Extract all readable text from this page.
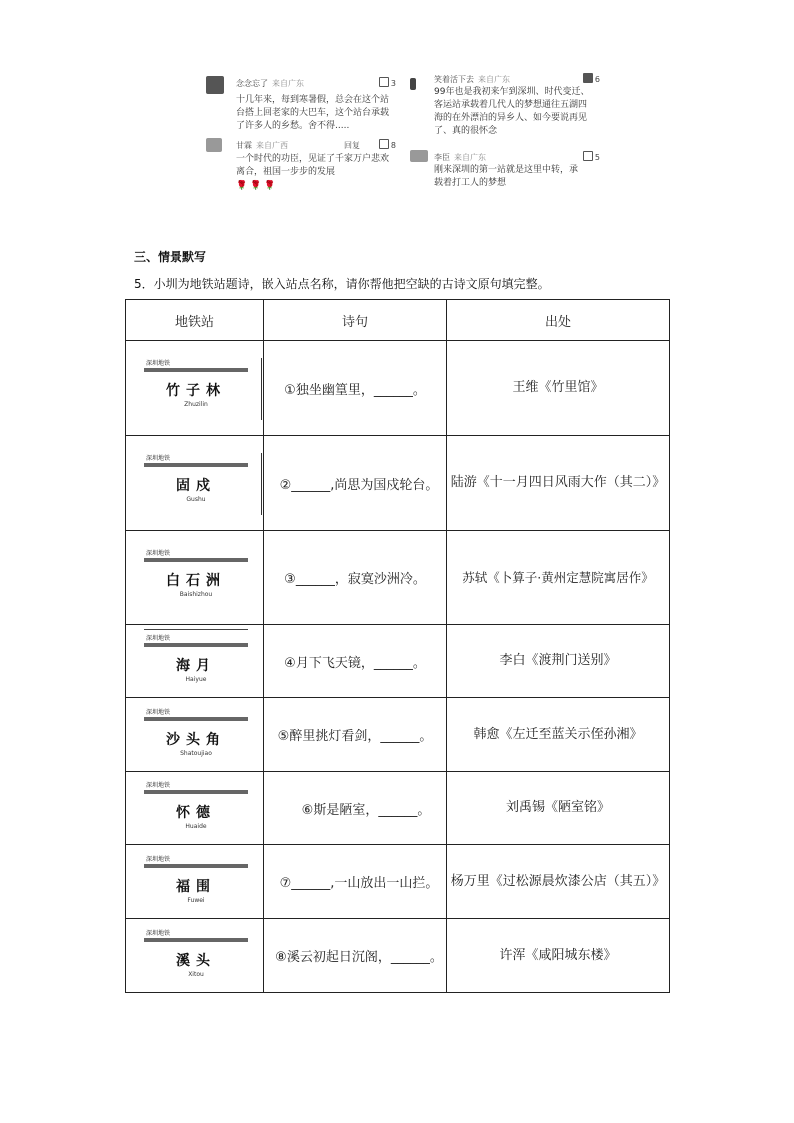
念念忘了 来自广东	3
十几年来，每到寒暑假，总会在这个站台搭上回老家的大巴车，这个站台承载了许多人的乡愁。舍不得.....
甘霖 来自广西	回复	8
一个时代的功臣，见证了千家万户悲欢离合，祖国一步步的发展
🌹🌹🌹
笑着活下去 来自广东	6
99年也是我初来乍到深圳、时代变迁、客运站承载着几代人的梦想通往五湖四海的在外漂泊的异乡人、如今要说再见了、真的很怀念
李臣 来自广东	5
刚来深圳的第一站就是这里中转，承载着打工人的梦想
三、情景默写
5．小圳为地铁站题诗，嵌入站点名称，请你帮他把空缺的古诗文原句填完整。
地铁站	诗句	出处

深圳地铁
竹子林
Zhuzilin	①独坐幽篁里，______。	王维《竹里馆》

深圳地铁
固戍
Gushu	②______,尚思为国戍轮台。	陆游《十一月四日风雨大作（其二）》

深圳地铁
白石洲
Baishizhou	③______，寂寞沙洲冷。	苏轼《卜算子·黄州定慧院寓居作》

深圳地铁
海月
Haiyue	④月下飞天镜，______。	李白《渡荆门送别》

深圳地铁
沙头角
Shatoujiao	⑤醉里挑灯看剑，______。	韩愈《左迁至蓝关示侄孙湘》

深圳地铁
怀德
Huaide	⑥斯是陋室，______。	刘禹锡《陋室铭》

深圳地铁
福围
Fuwei	⑦______,一山放出一山拦。	杨万里《过松源晨炊漆公店（其五）》

深圳地铁
溪头
Xitou	⑧溪云初起日沉阁，______。	许浑《咸阳城东楼》
